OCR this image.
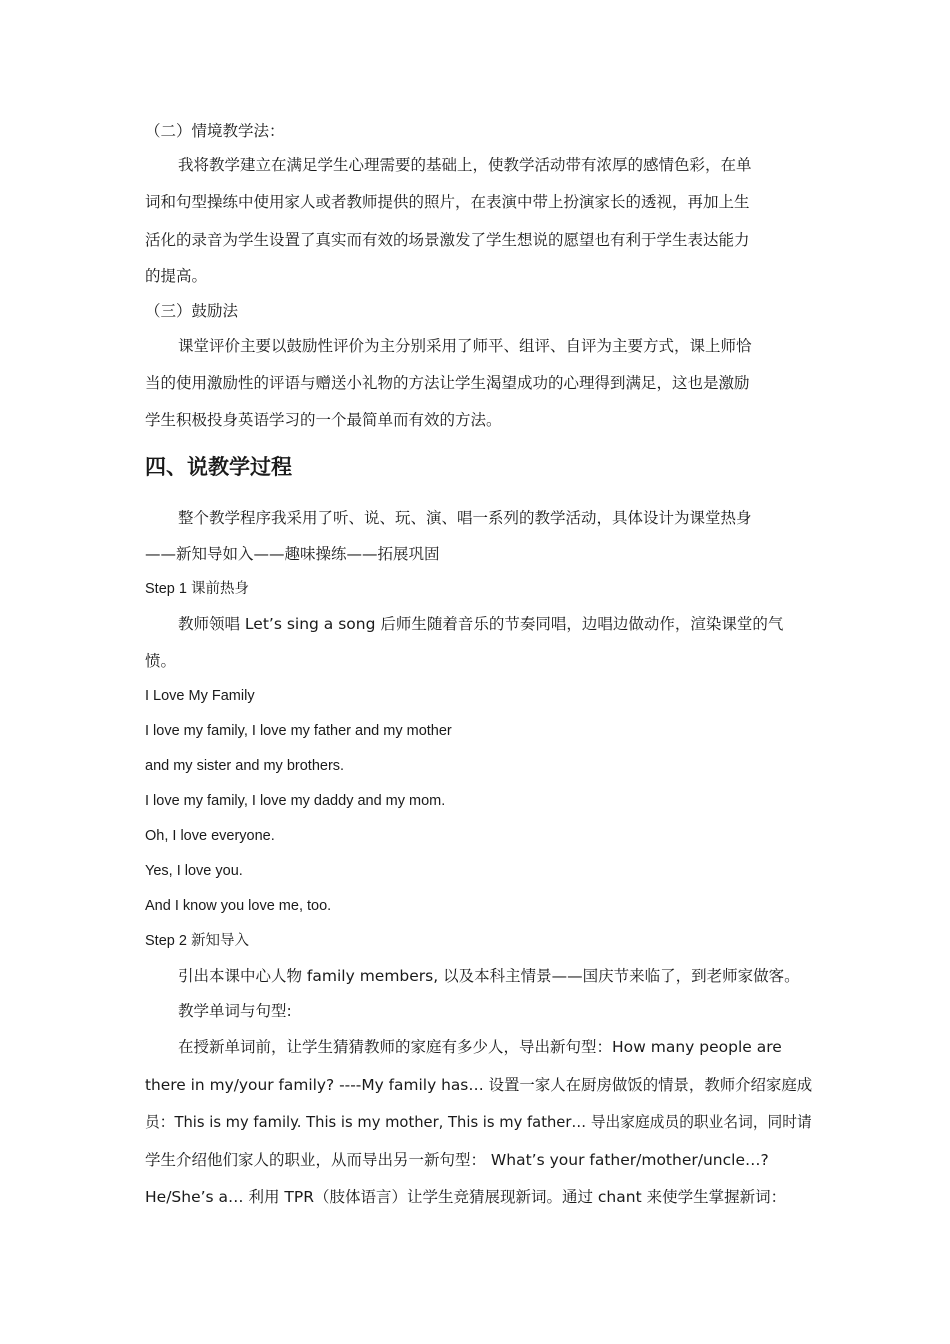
（二）情境教学法：
我将教学建立在满足学生心理需要的基础上，使教学活动带有浓厚的感情色彩，在单
词和句型操练中使用家人或者教师提供的照片，在表演中带上扮演家长的透视，再加上生
活化的录音为学生设置了真实而有效的场景激发了学生想说的愿望也有利于学生表达能力
的提高。
（三）鼓励法
课堂评价主要以鼓励性评价为主分别采用了师平、组评、自评为主要方式，课上师恰
当的使用激励性的评语与赠送小礼物的方法让学生渴望成功的心理得到满足，这也是激励
学生积极投身英语学习的一个最简单而有效的方法。
四、说教学过程
整个教学程序我采用了听、说、玩、演、唱一系列的教学活动，具体设计为课堂热身
——新知导如入——趣味操练——拓展巩固
Step 1 课前热身
教师领唱 Let’s sing a song 后师生随着音乐的节奏同唱，边唱边做动作，渲染课堂的气
愤。
I Love My Family
I love my family, I love my father and my mother
and my sister and my brothers.
I love my family, I love my daddy and my mom.
Oh, I love everyone.
Yes, I love you.
And I know you love me, too.
Step 2 新知导入
引出本课中心人物 family members, 以及本科主情景——国庆节来临了，到老师家做客。
教学单词与句型:
在授新单词前，让学生猜猜教师的家庭有多少人，导出新句型：How many people are
there in my/your family? ----My family has… 设置一家人在厨房做饭的情景，教师介绍家庭成
员：This is my family. This is my mother, This is my father… 导出家庭成员的职业名词，同时请
学生介绍他们家人的职业，从而导出另一新句型： What’s your father/mother/uncle…?
He/She’s a… 利用 TPR（肢体语言）让学生竞猜展现新词。通过 chant 来使学生掌握新词：
